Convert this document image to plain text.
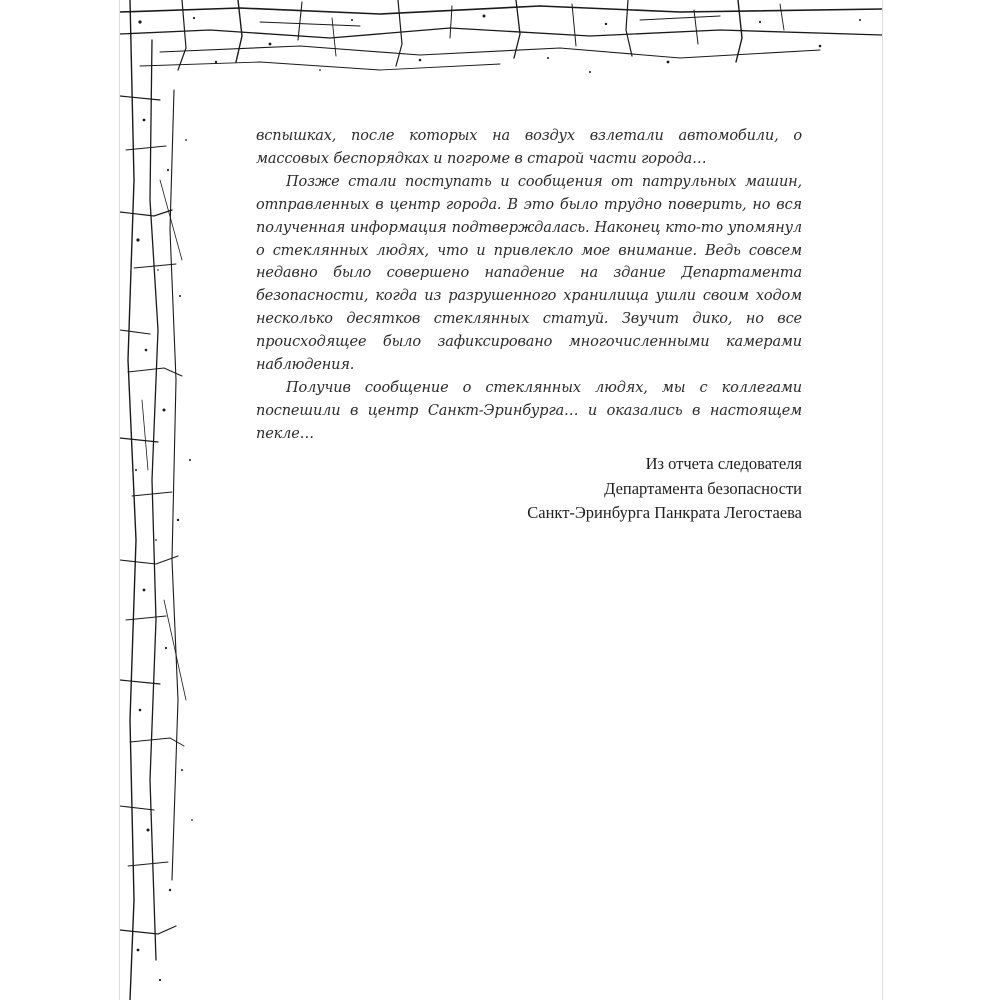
вспышках, после которых на воздух взлетали автомобили, о массовых беспорядках и погроме в старой части города…

Позже стали поступать и сообщения от патрульных машин, отправленных в центр города. В это было трудно поверить, но вся полученная информация подтверждалась. Наконец кто-то упомянул о стеклянных людях, что и привлекло мое внимание. Ведь совсем недавно было совершено нападение на здание Департамента безопасности, когда из разрушенного хранилища ушли своим ходом несколько десятков стеклянных статуй. Звучит дико, но все происходящее было зафиксировано многочисленными камерами наблюдения.

Получив сообщение о стеклянных людях, мы с коллегами поспешили в центр Санкт-Эринбурга… и оказались в настоящем пекле…

Из отчета следователя
Департамента безопасности
Санкт-Эринбурга Панкрата Легостаева
